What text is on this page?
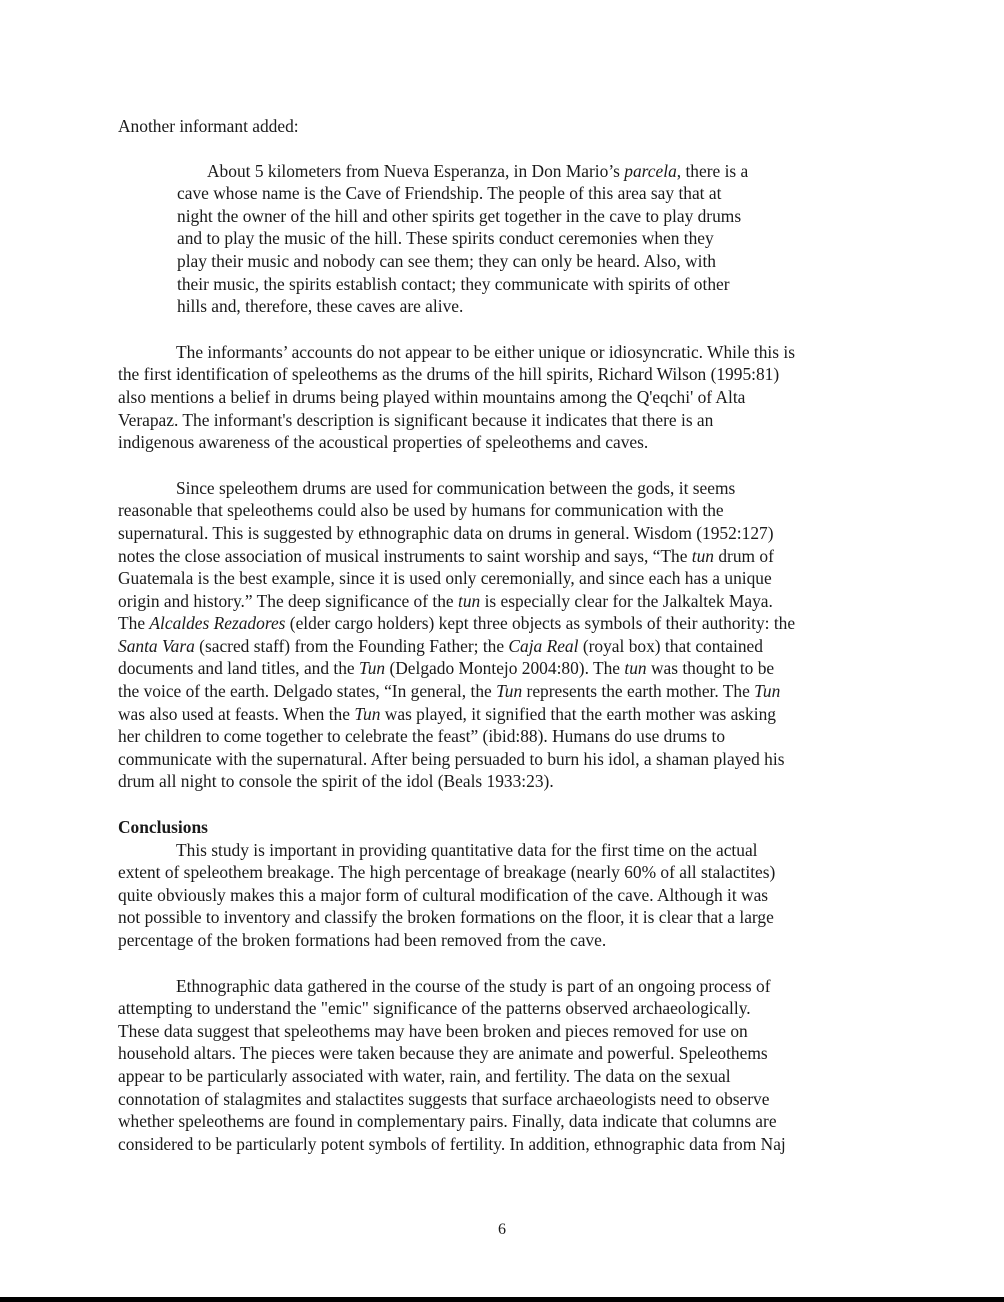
Another informant added:
About 5 kilometers from Nueva Esperanza, in Don Mario’s parcela, there is a
cave whose name is the Cave of Friendship. The people of this area say that at
night the owner of the hill and other spirits get together in the cave to play drums
and to play the music of the hill. These spirits conduct ceremonies when they
play their music and nobody can see them; they can only be heard. Also, with
their music, the spirits establish contact; they communicate with spirits of other
hills and, therefore, these caves are alive.
The informants’ accounts do not appear to be either unique or idiosyncratic. While this is
the first identification of speleothems as the drums of the hill spirits, Richard Wilson (1995:81)
also mentions a belief in drums being played within mountains among the Q'eqchi' of Alta
Verapaz. The informant's description is significant because it indicates that there is an
indigenous awareness of the acoustical properties of speleothems and caves.
Since speleothem drums are used for communication between the gods, it seems
reasonable that speleothems could also be used by humans for communication with the
supernatural. This is suggested by ethnographic data on drums in general. Wisdom (1952:127)
notes the close association of musical instruments to saint worship and says, “The tun drum of
Guatemala is the best example, since it is used only ceremonially, and since each has a unique
origin and history.” The deep significance of the tun is especially clear for the Jalkaltek Maya.
The Alcaldes Rezadores (elder cargo holders) kept three objects as symbols of their authority: the
Santa Vara (sacred staff) from the Founding Father; the Caja Real (royal box) that contained
documents and land titles, and the Tun (Delgado Montejo 2004:80). The tun was thought to be
the voice of the earth. Delgado states, “In general, the Tun represents the earth mother. The Tun
was also used at feasts. When the Tun was played, it signified that the earth mother was asking
her children to come together to celebrate the feast” (ibid:88). Humans do use drums to
communicate with the supernatural. After being persuaded to burn his idol, a shaman played his
drum all night to console the spirit of the idol (Beals 1933:23).
Conclusions
This study is important in providing quantitative data for the first time on the actual
extent of speleothem breakage. The high percentage of breakage (nearly 60% of all stalactites)
quite obviously makes this a major form of cultural modification of the cave. Although it was
not possible to inventory and classify the broken formations on the floor, it is clear that a large
percentage of the broken formations had been removed from the cave.
Ethnographic data gathered in the course of the study is part of an ongoing process of
attempting to understand the "emic" significance of the patterns observed archaeologically.
These data suggest that speleothems may have been broken and pieces removed for use on
household altars. The pieces were taken because they are animate and powerful. Speleothems
appear to be particularly associated with water, rain, and fertility. The data on the sexual
connotation of stalagmites and stalactites suggests that surface archaeologists need to observe
whether speleothems are found in complementary pairs. Finally, data indicate that columns are
considered to be particularly potent symbols of fertility. In addition, ethnographic data from Naj
6
